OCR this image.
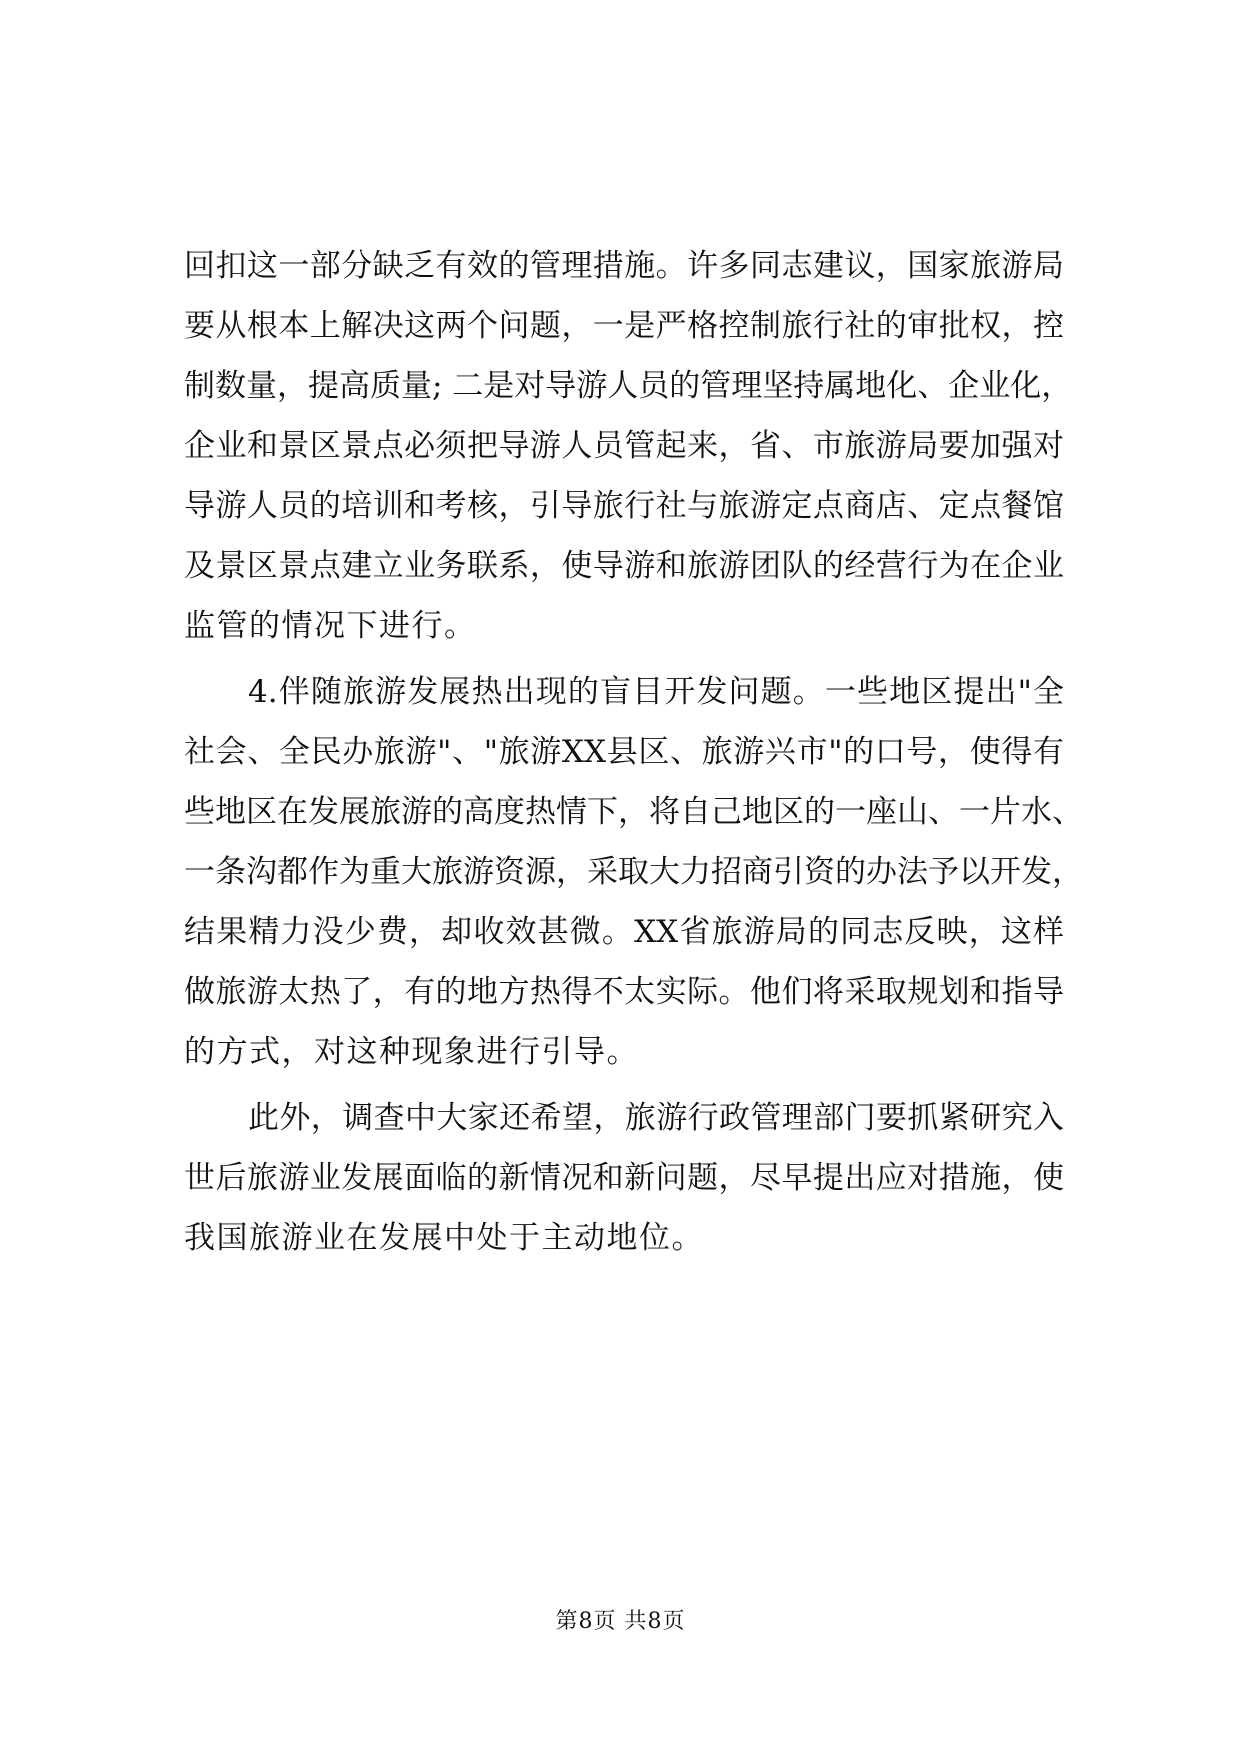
回扣这一部分缺乏有效的管理措施。许多同志建议，国家旅游局
要从根本上解决这两个问题，一是严格控制旅行社的审批权，控
制数量，提高质量; 二是对导游人员的管理坚持属地化、企业化，
企业和景区景点必须把导游人员管起来，省、市旅游局要加强对
导游人员的培训和考核，引导旅行社与旅游定点商店、定点餐馆
及景区景点建立业务联系，使导游和旅游团队的经营行为在企业
监管的情况下进行。
4.伴随旅游发展热出现的盲目开发问题。一些地区提出"全
社会、全民办旅游"、"旅游XX县区、旅游兴市"的口号，使得有
些地区在发展旅游的高度热情下，将自己地区的一座山、一片水、
一条沟都作为重大旅游资源，采取大力招商引资的办法予以开发，
结果精力没少费，却收效甚微。XX省旅游局的同志反映，这样
做旅游太热了，有的地方热得不太实际。他们将采取规划和指导
的方式，对这种现象进行引导。
此外，调查中大家还希望，旅游行政管理部门要抓紧研究入
世后旅游业发展面临的新情况和新问题，尽早提出应对措施，使
我国旅游业在发展中处于主动地位。
第8页 共8页
